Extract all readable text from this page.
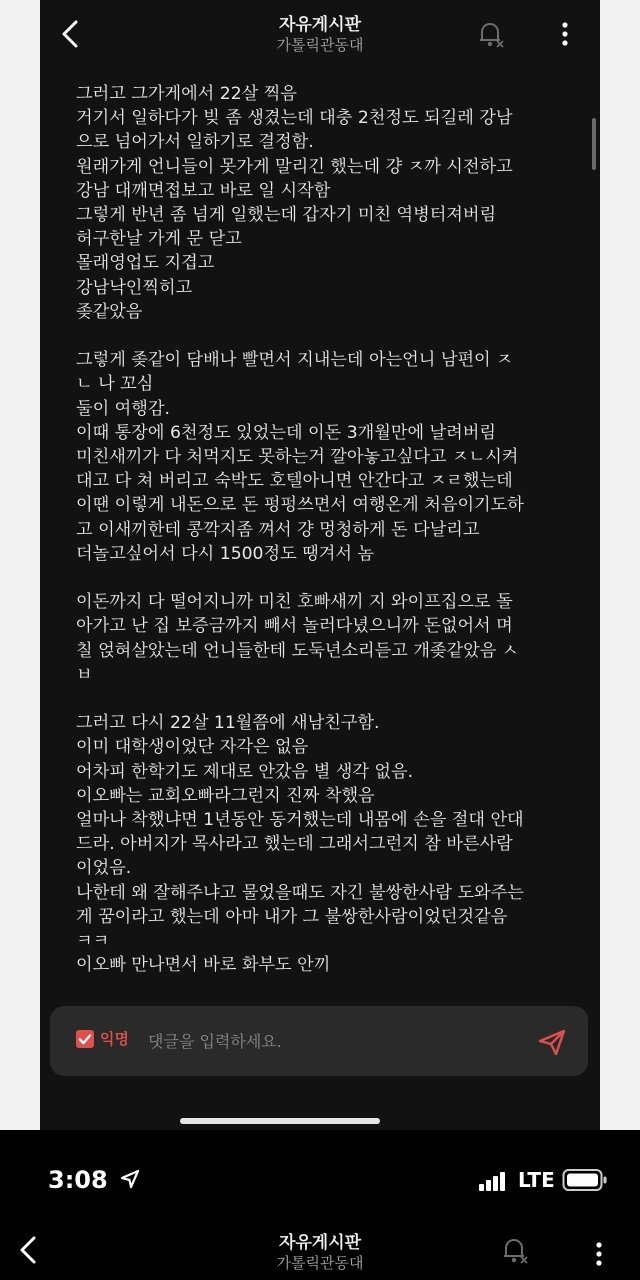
자유게시판
가톨릭관동대
그러고 그가게에서 22살 찍음
거기서 일하다가 빚 좀 생겼는데 대충 2천정도 되길레 강남
으로 넘어가서 일하기로 결정함.
원래가게 언니들이 못가게 말리긴 했는데 걍 ㅈ까 시전하고
강남 대깨면접보고 바로 일 시작함
그렇게 반년 좀 넘게 일했는데 갑자기 미친 역병터져버림
허구한날 가게 문 닫고
몰래영업도 지겹고
강남낙인찍히고
좆같았음
그렇게 좆같이 담배나 빨면서 지내는데 아는언니 남편이 ㅈ
ㄴ 나 꼬심
둘이 여행감.
이때 통장에 6천정도 있었는데 이돈 3개월만에 날려버림
미친새끼가 다 처먹지도 못하는거 깔아놓고싶다고 ㅈㄴ시켜
대고 다 쳐 버리고 숙박도 호텔아니면 안간다고 ㅈㄹ했는데
이땐 이렇게 내돈으로 돈 펑펑쓰면서 여행온게 처음이기도하
고 이새끼한테 콩깍지좀 껴서 걍 멍청하게 돈 다날리고
더놀고싶어서 다시 1500정도 땡겨서 놈
이돈까지 다 떨어지니까 미친 호빠새끼 지 와이프집으로 돌
아가고 난 집 보증금까지 빼서 놀러다녔으니까 돈없어서 며
칠 얹혀살았는데 언니들한테 도둑년소리듣고 개좆같았음 ㅅ
ㅂ
그러고 다시 22살 11월쯤에 새남친구함.
이미 대학생이었단 자각은 없음
어차피 한학기도 제대로 안갔음 별 생각 없음.
이오빠는 교회오빠라그런지 진짜 착했음
얼마나 착했냐면 1년동안 동거했는데 내몸에 손을 절대 안대
드라. 아버지가 목사라고 했는데 그래서그런지 참 바른사람
이었음.
나한테 왜 잘해주냐고 물었을때도 자긴 불쌍한사람 도와주는
게 꿈이라고 했는데 아마 내가 그 불쌍한사람이었던것같음
ㅋㅋ
이오빠 만나면서 바로 화부도 안끼
익명
댓글을 입력하세요.
3:08	LTE
자유게시판
가톨릭관동대
